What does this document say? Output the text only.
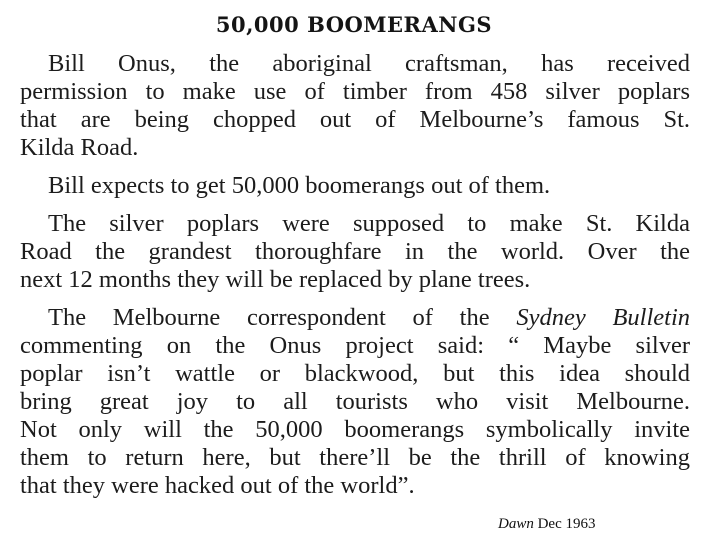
50,000 BOOMERANGS
Bill Onus, the aboriginal craftsman, has received
permission to make use of timber from 458 silver poplars
that are being chopped out of Melbourne’s famous St.
Kilda Road.
Bill expects to get 50,000 boomerangs out of them.
The silver poplars were supposed to make St. Kilda
Road the grandest thoroughfare in the world. Over the
next 12 months they will be replaced by plane trees.
The Melbourne correspondent of the Sydney Bulletin
commenting on the Onus project said: “ Maybe silver
poplar isn’t wattle or blackwood, but this idea should
bring great joy to all tourists who visit Melbourne.
Not only will the 50,000 boomerangs symbolically invite
them to return here, but there’ll be the thrill of knowing
that they were hacked out of the world”.
Dawn Dec 1963
